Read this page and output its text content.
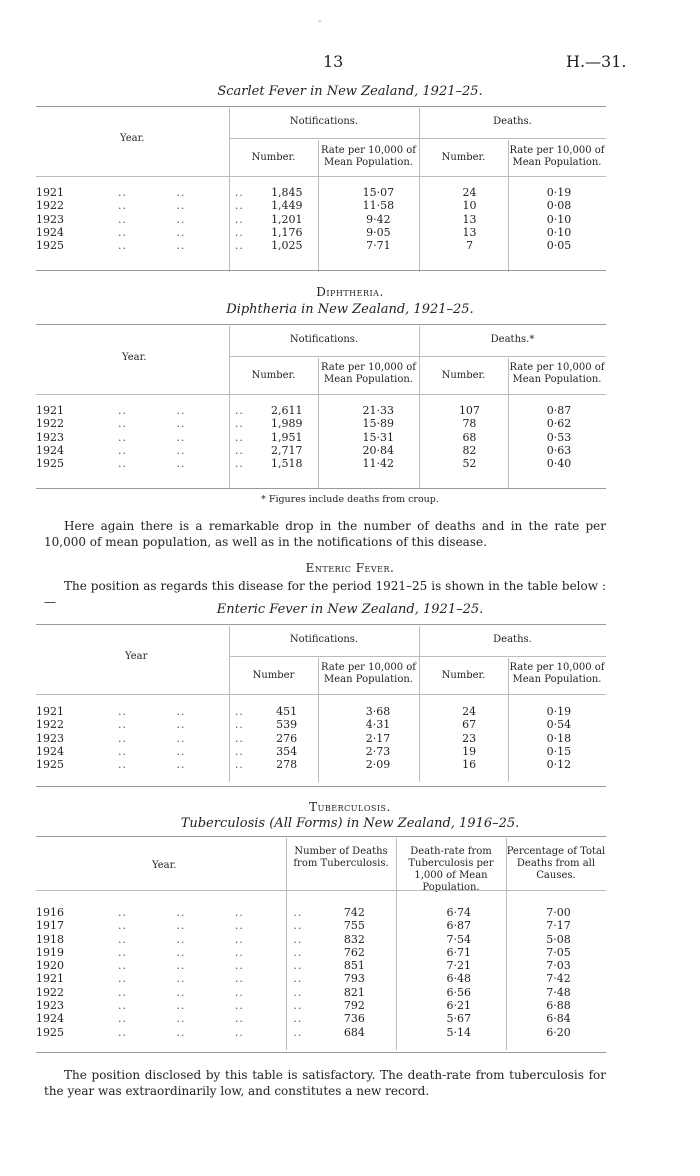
-
13	H.—31.
Scarlet Fever in New Zealand, 1921–25.
Year.
Notifications.	Deaths.
Number.
Rate per 10,000 of Mean Population.	Number.
Rate per 10,000 of Mean Population.
1921            ..           ..           ..	1,845	15·07	24	0·19
1922            ..           ..           ..	1,449	11·58	10	0·08
1923            ..           ..           ..	1,201	9·42	13	0·10
1924            ..           ..           ..	1,176	9·05	13	0·10
1925            ..           ..           ..	1,025	7·71	7	0·05
Diphtheria.
Diphtheria in New Zealand, 1921–25.
Year.
Notifications.	Deaths.*
Number.
Rate per 10,000 of Mean Population.	Number.
Rate per 10,000 of Mean Population.
1921            ..           ..           ..	2,611	21·33	107	0·87
1922            ..           ..           ..	1,989	15·89	78	0·62
1923            ..           ..           ..	1,951	15·31	68	0·53
1924            ..           ..           ..	2,717	20·84	82	0·63
1925            ..           ..           ..	1,518	11·42	52	0·40
* Figures include deaths from croup.
Here again there is a remarkable drop in the number of deaths and in the rate per 10,000 of mean population, as well as in the notifications of this disease.
Enteric Fever.
The position as regards this disease for the period 1921–25 is shown in the table below :—	Enteric Fever in New Zealand, 1921–25.
Year
Notifications.	Deaths.
Number
Rate per 10,000 of Mean Population.	Number.
Rate per 10,000 of Mean Population.
1921            ..           ..           ..	451	3·68	24	0·19
1922            ..           ..           ..	539	4·31	67	0·54
1923            ..           ..           ..	276	2·17	23	0·18
1924            ..           ..           ..	354	2·73	19	0·15
1925            ..           ..           ..	278	2·09	16	0·12
Tuberculosis.
Tuberculosis (All Forms) in New Zealand, 1916–25.
Year.
Number of Deaths from Tuberculosis.
Death-rate from Tuberculosis per 1,000 of Mean Population.
Percentage of Total Deaths from all Causes.
1916            ..           ..           ..           ..	742	6·74	7·00
1917            ..           ..           ..           ..	755	6·87	7·17
1918            ..           ..           ..           ..	832	7·54	5·08
1919            ..           ..           ..           ..	762	6·71	7·05
1920            ..           ..           ..           ..	851	7·21	7·03
1921            ..           ..           ..           ..	793	6·48	7·42
1922            ..           ..           ..           ..	821	6·56	7·48
1923            ..           ..           ..           ..	792	6·21	6·88
1924            ..           ..           ..           ..	736	5·67	6·84
1925            ..           ..           ..           ..	684	5·14	6·20
The position disclosed by this table is satisfactory. The death-rate from tuberculosis for the year was extraordinarily low, and constitutes a new record.
